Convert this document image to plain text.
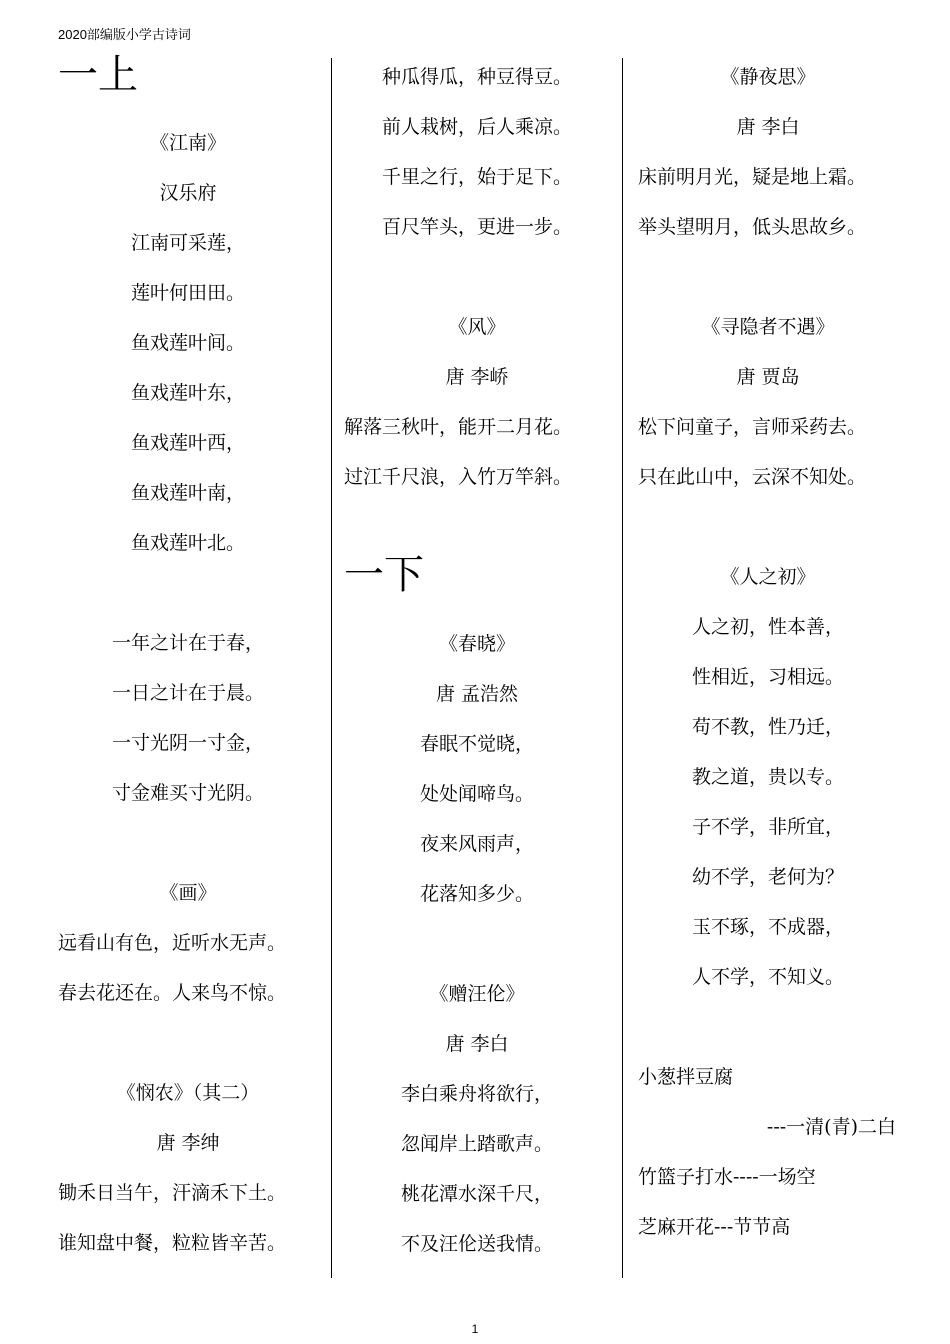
2020部编版小学古诗词
一上
《江南》
汉乐府
江南可采莲，
莲叶何田田。
鱼戏莲叶间。
鱼戏莲叶东，
鱼戏莲叶西，
鱼戏莲叶南，
鱼戏莲叶北。
一年之计在于春，
一日之计在于晨。
一寸光阴一寸金，
寸金难买寸光阴。
《画》
远看山有色，近听水无声。
春去花还在。人来鸟不惊。
《悯农》（其二）
唐 李绅
锄禾日当午，汗滴禾下土。
谁知盘中餐，粒粒皆辛苦。
种瓜得瓜，种豆得豆。
前人栽树，后人乘凉。
千里之行，始于足下。
百尺竿头，更进一步。
《风》
唐 李峤
解落三秋叶，能开二月花。
过江千尺浪，入竹万竿斜。
一下
《春晓》
唐 孟浩然
春眠不觉晓，
处处闻啼鸟。
夜来风雨声，
花落知多少。
《赠汪伦》
唐 李白
李白乘舟将欲行，
忽闻岸上踏歌声。
桃花潭水深千尺，
不及汪伦送我情。
《静夜思》
唐 李白
床前明月光，疑是地上霜。
举头望明月，低头思故乡。
《寻隐者不遇》
唐 贾岛
松下问童子，言师采药去。
只在此山中，云深不知处。
《人之初》
人之初，性本善，
性相近，习相远。
苟不教，性乃迁，
教之道，贵以专。
子不学，非所宜，
幼不学，老何为？
玉不琢，不成器，
人不学，不知义。
小葱拌豆腐
---一清(青)二白
竹篮子打水----一场空
芝麻开花---节节高
1
